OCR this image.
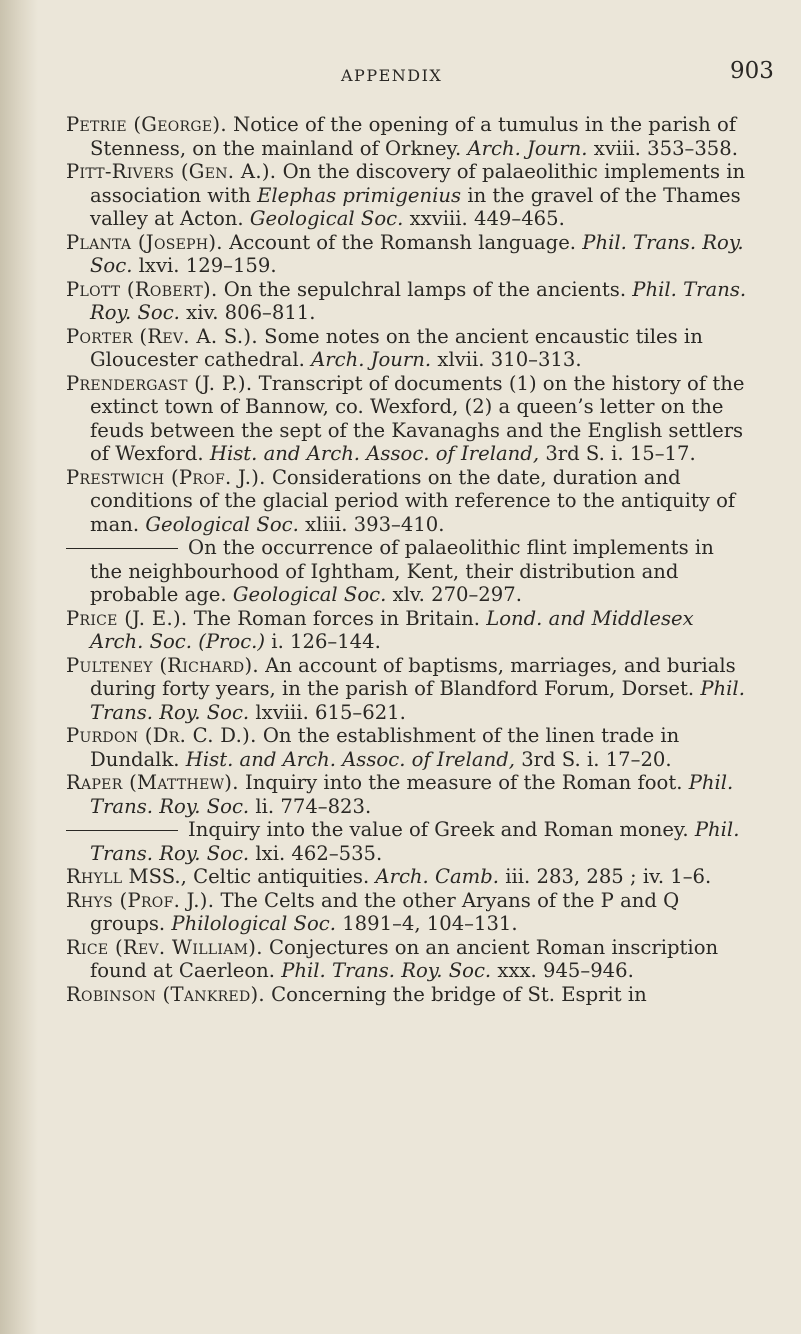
APPENDIX	903

Petrie (George). Notice of the opening of a tumulus in the parish of Stenness, on the mainland of Orkney. Arch. Journ. xviii. 353–358.

Pitt-Rivers (Gen. A.). On the discovery of palaeolithic implements in association with Elephas primigenius in the gravel of the Thames valley at Acton. Geological Soc. xxviii. 449–465.

Planta (Joseph). Account of the Romansh language. Phil. Trans. Roy. Soc. lxvi. 129–159.

Plott (Robert). On the sepulchral lamps of the ancients. Phil. Trans. Roy. Soc. xiv. 806–811.

Porter (Rev. A. S.). Some notes on the ancient encaustic tiles in Gloucester cathedral. Arch. Journ. xlvii. 310–313.

Prendergast (J. P.). Transcript of documents (1) on the history of the extinct town of Bannow, co. Wexford, (2) a queen’s letter on the feuds between the sept of the Kavanaghs and the English settlers of Wexford. Hist. and Arch. Assoc. of Ireland, 3rd S. i. 15–17.

Prestwich (Prof. J.). Considerations on the date, duration and conditions of the glacial period with reference to the antiquity of man. Geological Soc. xliii. 393–410.

On the occurrence of palaeolithic flint implements in the neighbourhood of Ightham, Kent, their distribution and probable age. Geological Soc. xlv. 270–297.

Price (J. E.). The Roman forces in Britain. Lond. and Middlesex Arch. Soc. (Proc.) i. 126–144.

Pulteney (Richard). An account of baptisms, marriages, and burials during forty years, in the parish of Blandford Forum, Dorset. Phil. Trans. Roy. Soc. lxviii. 615–621.

Purdon (Dr. C. D.). On the establishment of the linen trade in Dundalk. Hist. and Arch. Assoc. of Ireland, 3rd S. i. 17–20.

Raper (Matthew). Inquiry into the measure of the Roman foot. Phil. Trans. Roy. Soc. li. 774–823.

Inquiry into the value of Greek and Roman money. Phil. Trans. Roy. Soc. lxi. 462–535.

Rhyll MSS., Celtic antiquities. Arch. Camb. iii. 283, 285 ; iv. 1–6.

Rhys (Prof. J.). The Celts and the other Aryans of the P and Q groups. Philological Soc. 1891–4, 104–131.

Rice (Rev. William). Conjectures on an ancient Roman inscription found at Caerleon. Phil. Trans. Roy. Soc. xxx. 945–946.

Robinson (Tankred). Concerning the bridge of St. Esprit in
